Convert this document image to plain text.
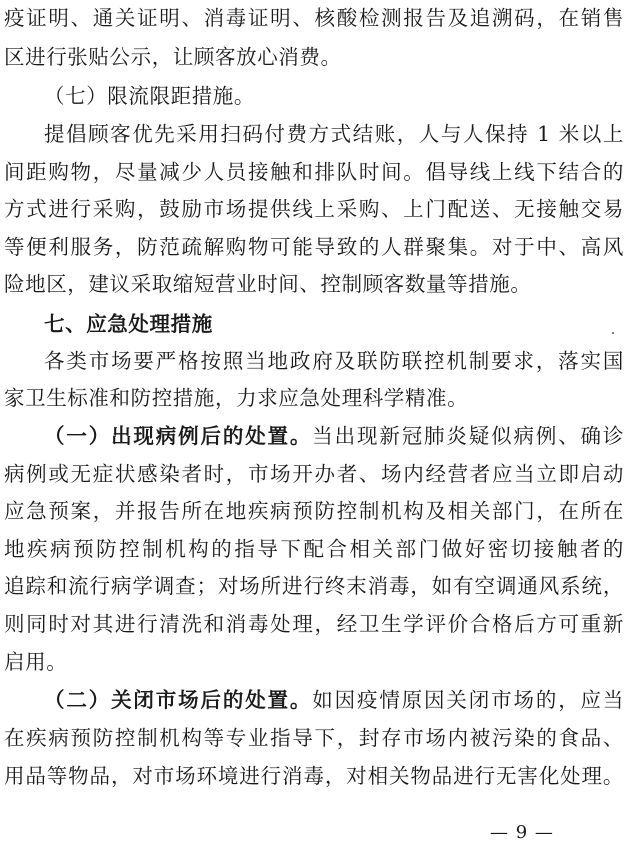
疫证明、通关证明、消毒证明、核酸检测报告及追溯码，在销售
区进行张贴公示，让顾客放心消费。
（七）限流限距措施。
提倡顾客优先采用扫码付费方式结账，人与人保持 1 米以上
间距购物，尽量减少人员接触和排队时间。倡导线上线下结合的
方式进行采购，鼓励市场提供线上采购、上门配送、无接触交易
等便利服务，防范疏解购物可能导致的人群聚集。对于中、高风
险地区，建议采取缩短营业时间、控制顾客数量等措施。
七、应急处理措施
各类市场要严格按照当地政府及联防联控机制要求，落实国
家卫生标准和防控措施，力求应急处理科学精准。
（一）出现病例后的处置。当出现新冠肺炎疑似病例、确诊
病例或无症状感染者时，市场开办者、场内经营者应当立即启动
应急预案，并报告所在地疾病预防控制机构及相关部门，在所在
地疾病预防控制机构的指导下配合相关部门做好密切接触者的
追踪和流行病学调查；对场所进行终末消毒，如有空调通风系统，
则同时对其进行清洗和消毒处理，经卫生学评价合格后方可重新
启用。
（二）关闭市场后的处置。如因疫情原因关闭市场的，应当
在疾病预防控制机构等专业指导下，封存市场内被污染的食品、
用品等物品，对市场环境进行消毒，对相关物品进行无害化处理。
— 9 —
